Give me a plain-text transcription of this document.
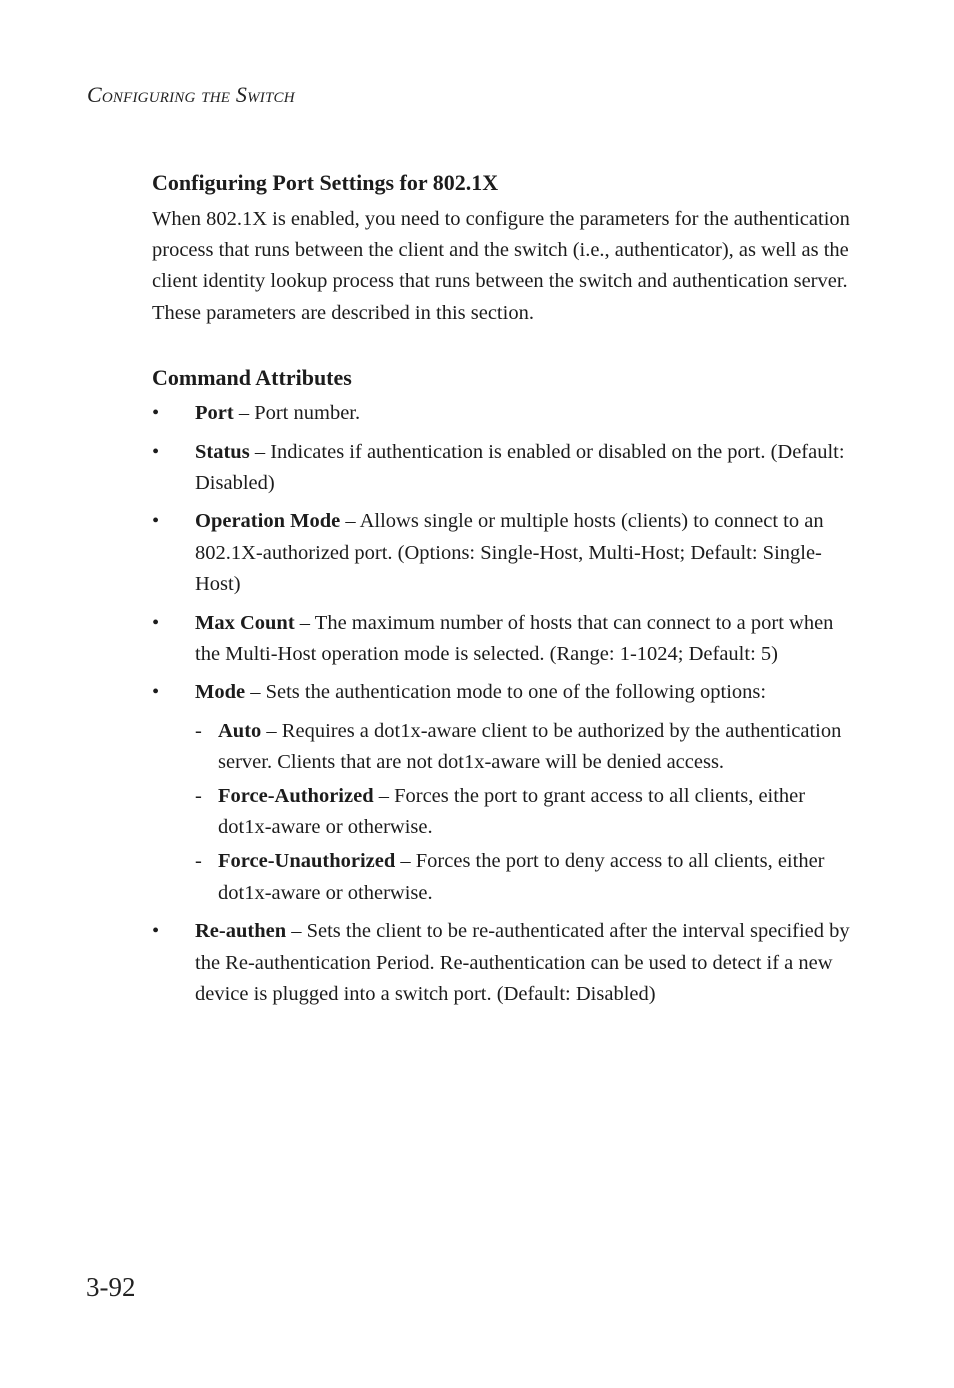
Configuring the Switch
Configuring Port Settings for 802.1X

When 802.1X is enabled, you need to configure the parameters for the authentication process that runs between the client and the switch (i.e., authenticator), as well as the client identity lookup process that runs between the switch and authentication server. These parameters are described in this section.

Command Attributes
•	Port – Port number.
•	Status – Indicates if authentication is enabled or disabled on the port. (Default: Disabled)
•	Operation Mode – Allows single or multiple hosts (clients) to connect to an 802.1X-authorized port. (Options: Single-Host, Multi-Host; Default: Single-Host)
•	Max Count – The maximum number of hosts that can connect to a port when the Multi-Host operation mode is selected. (Range: 1-1024; Default: 5)
•	Mode – Sets the authentication mode to one of the following options:
- Auto – Requires a dot1x-aware client to be authorized by the authentication server. Clients that are not dot1x-aware will be denied access.
- Force-Authorized – Forces the port to grant access to all clients, either dot1x-aware or otherwise.
- Force-Unauthorized – Forces the port to deny access to all clients, either dot1x-aware or otherwise.
•	Re-authen – Sets the client to be re-authenticated after the interval specified by the Re-authentication Period. Re-authentication can be used to detect if a new device is plugged into a switch port. (Default: Disabled)
3-92
